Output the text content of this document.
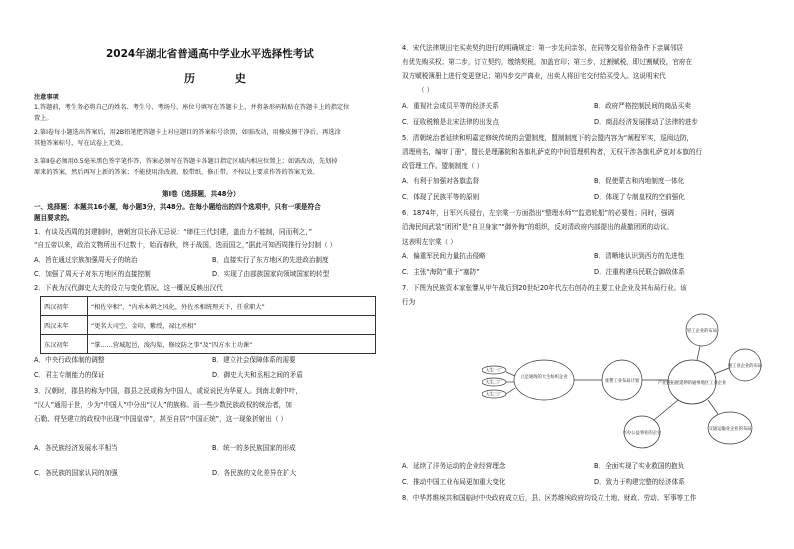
2024年湖北省普通高中学业水平选择性考试
历 史
注意事项
1.答题前，考生务必将自己的姓名、考生号、考场号、座位号填写在答题卡上，并将条形码粘贴在答题卡上的指定位
置上。
2.第Ⅰ卷每小题选出答案后，用2B铅笔把答题卡上对应题目的答案标号涂黑，如需改动，用橡皮擦干净后，再选涂
其他答案标号，写在试卷上无效。
3.第Ⅱ卷必须用0.5毫米黑色签字笔作答，答案必须写在答题卡各题目指定区域内相应位置上；如需改动，先划掉
原来的答案，然后再写上新的答案；不能使用涂改液、胶带纸、修正带。不按以上要求作答的答案无效。
第Ⅰ卷（选择题，共48分）
一、选择题：本题共16小题，每小题3分，共48分。在每小题给出的四个选项中，只有一项是符合
题目要求的。
1．有谈及西周的封建制时，唐朝宫员长孙无忌说：“缔往三代封建，盖由力不能制，同而利之，”
“自五帝以来，政治文物所出不过数十，始而春秋，终于战国，迭而国之，”据此可知西周推行分封制（ ）
A．旨在通过宗族加强周天子的统治	B．直接实行了东方地区的先进政治制度
C．加强了周天子对东方地区的直接控制	D．实现了由部族国家向领域国家的转型
2．下表为汉代御史大夫的设立与变化情况。这一概况反映出汉代
西汉初年	“相佐宰相”，“内承本朝之风化，外佐丞相统理天下，任重职大”
西汉末年	“更名大司空，金印，紫绶，禄比丞相”
东汉初年	“掌……营城起邑，浚沟渠，修坟防之事”及“四方水土功课”
A．中央行政体制的调整	B．建立社会保障体系的需要
C．君主专制能力的保证	D．御史大夫和丞相之间的矛盾
3．汉朝时，郡县的称为中国，郡县之民或称为中国人，或说说民为华夏人。到南北朝中叶，
“汉人”通用于世，少为“中国人”中分出“汉人”的族称。而一些少数民族政权的统治者，加
石勒、苻坚建立的政权中出现“中国皇帝”，甚至自居“中国正统”，这一现象折射出（ ）
A．各民族经济发展水平相当	B．统一的多民族国家的形成
C．各民族的国家认同的加强	D．各民族的文化差异在扩大
4．宋代法律规田宅买卖契约进行的明确规定：第一步先问亲邻，在同等交易价格条件下亲属邻居
有优先购买权；第二步，订立契约，缴纳契税，加盖官印；第三步，过割赋税，即过割赋役，官府在
双方赋税簿册上进行变更登记；第四步交产离业，出卖人将田宅交付给买受人。这说明宋代
（ ）
A．重视社会成员平等的经济关系	B．政府严格控制民间的商品买卖
C．征收税粮是北宋法律的出发点	D．商品经济发展推动了法律的进步
5．清朝统治者延续和明嘉定修统传统的会盟制度，盟制制度下的会盟内容为“阐程军实，巡阅边防，
清理刑名，编审丁册”，盟长是理藩院和各旗札萨克的中间管理机构者，无权干涉各旗札萨克对本旗的行
政管理工作。盟制制度（ ）
A．有利于加强对各旗监督	B．促使蒙古和内地制度一体化
C．体现了民族平等的原则	D．体现了专制皇权的空前强化
6．1874年，日军兴兵侵台，左宗棠一方面指出“整理水师”“监造轮船”的必要性；同时，强调
沿海民间武装“团团”是“自卫身家”“御外侮”的组织，反对清政府内部提出的裁撤团团的动议。
这表明左宗棠（ ）
A．偏重军民间力量抗击侵略	B．清晰地认识到西方的先进性
C．主张“海防”重于“塞防”	D．注重构建兵民联合御敌体系
7．下图为民族资本家张謇从甲午战后到20世纪20年代左右创办的主要工业企业及其布局行业。该
行为
大生一厂
大生二厂
大生三厂
立足通海的大生纺织企业
张謇工业布局计划	产业链拓展延伸的通州地区工业企业
轻工企业的布局
重工业企业的布局
交通运输业企业的布局
兴办公益事业的企业
A．延续了洋务运动的企业经营理念	B．全面实现了实业救国的抱负
C．推动中国工业布局更加重大变化	D．致力于构建完整的经济体系
8．中华苏维埃共和国临时中央政府成立后，县、区苏维埃政府均设立土地、财政、劳动、军事等工作
